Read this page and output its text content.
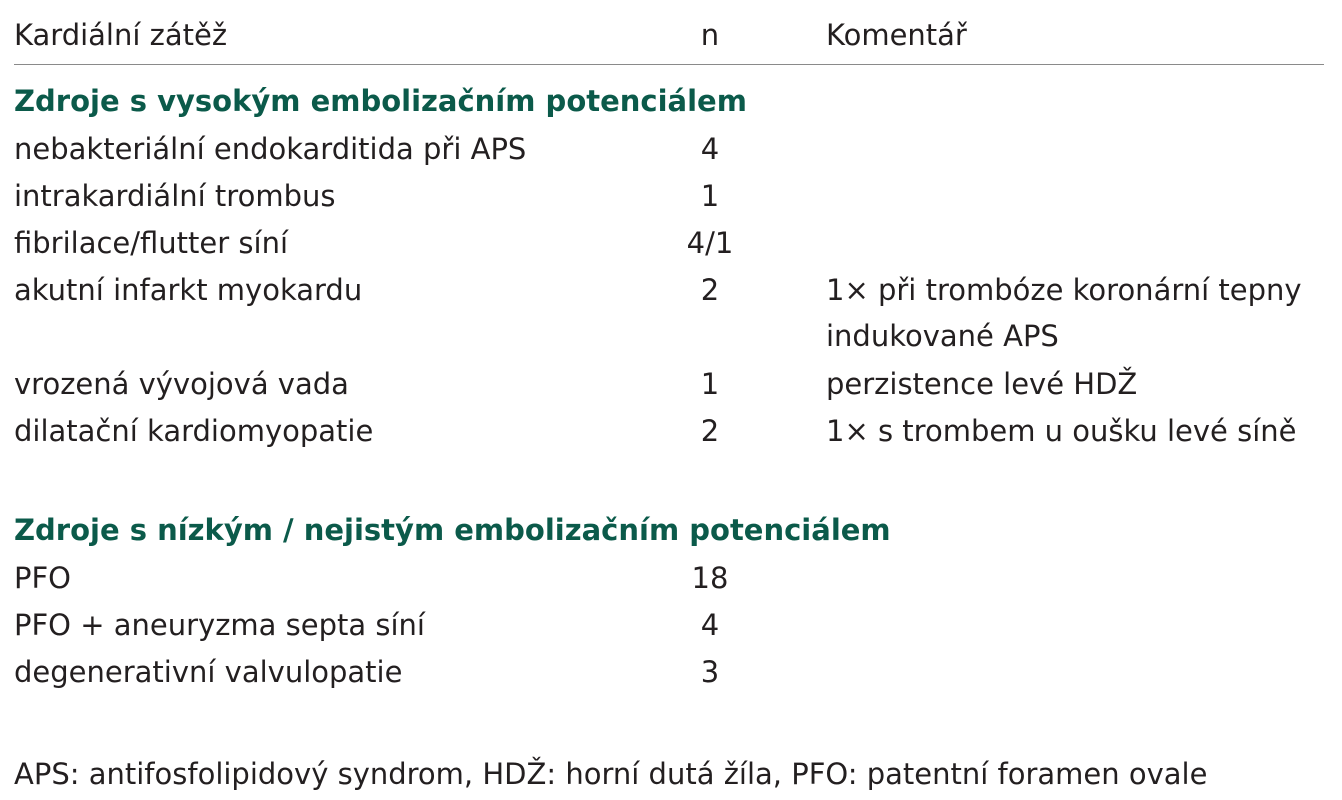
Kardiální zátěž	n	Komentář
Zdroje s vysokým embolizačním potenciálem
nebakteriální endokarditida při APS	4
intrakardiální trombus	1
fibrilace/flutter síní	4/1
akutní infarkt myokardu	2	1× při trombóze koronární tepny
indukované APS
vrozená vývojová vada	1	perzistence levé HDŽ
dilatační kardiomyopatie	2	1× s trombem u oušku levé síně
Zdroje s nízkým / nejistým embolizačním potenciálem
PFO	18
PFO + aneuryzma septa síní	4
degenerativní valvulopatie	3
APS: antifosfolipidový syndrom, HDŽ: horní dutá žíla, PFO: patentní foramen ovale
